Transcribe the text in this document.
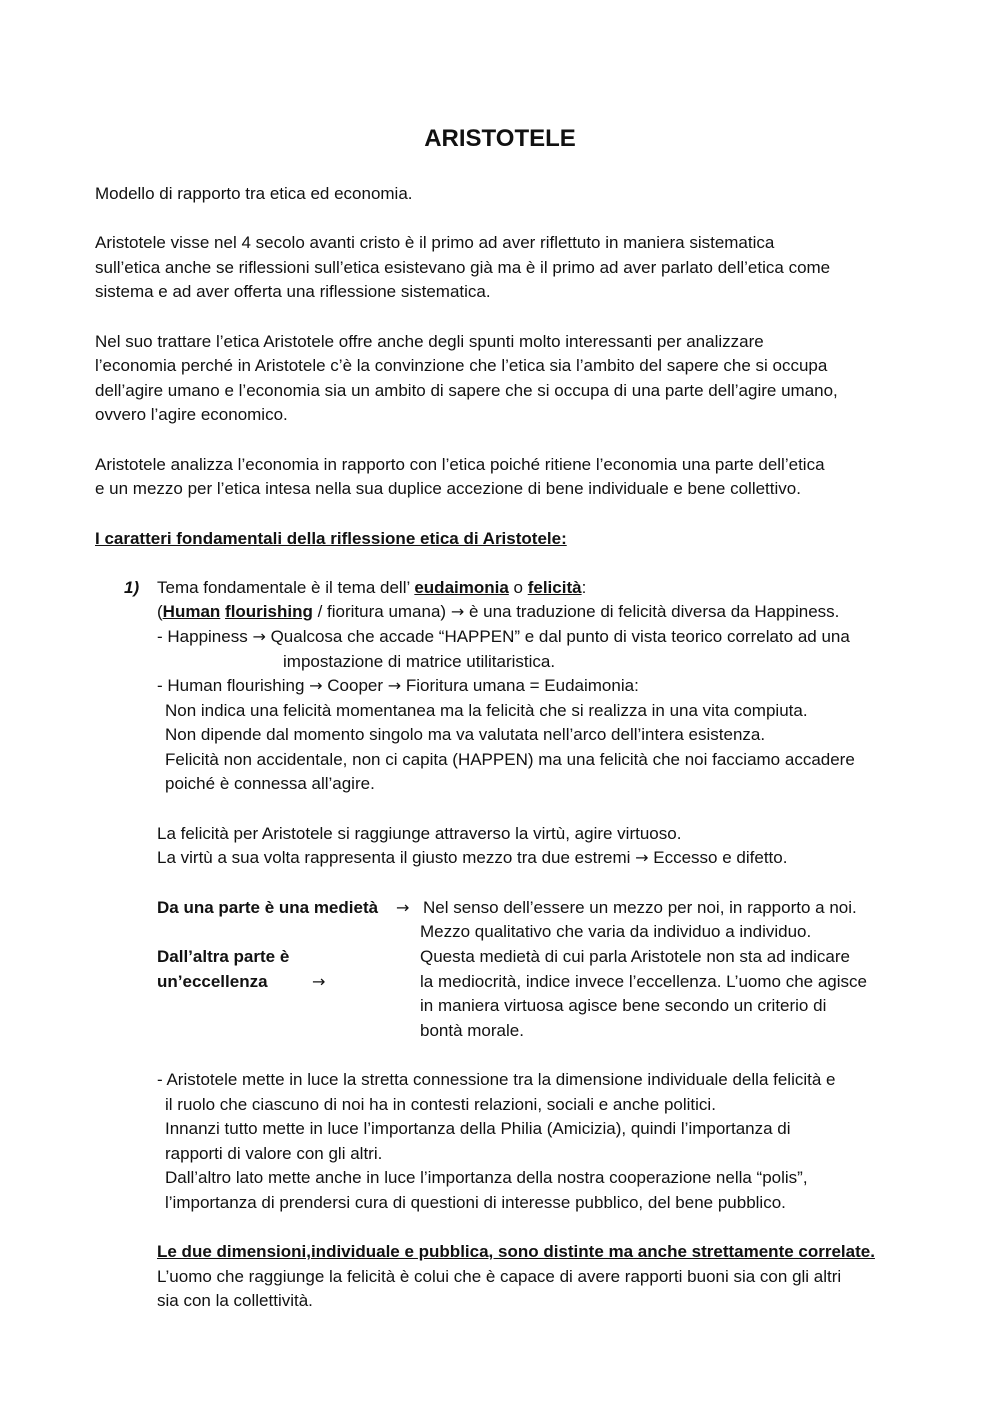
ARISTOTELE
Modello di rapporto tra etica ed economia.
Aristotele visse nel 4 secolo avanti cristo è il primo ad aver riflettuto in maniera sistematica
sull’etica anche se riflessioni sull’etica esistevano già ma è il primo ad aver parlato dell’etica come
sistema e ad aver offerta una riflessione sistematica.
Nel suo trattare l’etica Aristotele offre anche degli spunti molto interessanti per analizzare
l’economia perché in Aristotele c’è la convinzione che l’etica sia l’ambito del sapere che si occupa
dell’agire umano e l’economia sia un ambito di sapere che si occupa di una parte dell’agire umano,
ovvero l’agire economico.
Aristotele analizza l’economia in rapporto con l’etica poiché ritiene l’economia una parte dell’etica
e un mezzo per l’etica intesa nella sua duplice accezione di bene individuale e bene collettivo.
I caratteri fondamentali della riflessione etica di Aristotele:
1) Tema fondamentale è il tema dell’ eudaimonia o felicità:
(Human flourishing / fioritura umana) → è una traduzione di felicità diversa da Happiness.
- Happiness → Qualcosa che accade “HAPPEN” e dal punto di vista teorico correlato ad una
impostazione di matrice utilitaristica.
- Human flourishing → Cooper → Fioritura umana = Eudaimonia:
Non indica una felicità momentanea ma la felicità che si realizza in una vita compiuta.
Non dipende dal momento singolo ma va valutata nell’arco dell’intera esistenza.
Felicità non accidentale, non ci capita (HAPPEN) ma una felicità che noi facciamo accadere
poiché è connessa all’agire.
La felicità per Aristotele si raggiunge attraverso la virtù, agire virtuoso.
La virtù a sua volta rappresenta il giusto mezzo tra due estremi → Eccesso e difetto.
Da una parte è una medietà → Nel senso dell’essere un mezzo per noi, in rapporto a noi.
Mezzo qualitativo che varia da individuo a individuo.
Dall’altra parte è
un’eccellenza	→
Questa medietà di cui parla Aristotele non sta ad indicare
la mediocrità, indice invece l’eccellenza. L’uomo che agisce
in maniera virtuosa agisce bene secondo un criterio di
bontà morale.
- Aristotele mette in luce la stretta connessione tra la dimensione individuale della felicità e
il ruolo che ciascuno di noi ha in contesti relazioni, sociali e anche politici.
Innanzi tutto mette in luce l’importanza della Philia (Amicizia), quindi l’importanza di
rapporti di valore con gli altri.
Dall’altro lato mette anche in luce l’importanza della nostra cooperazione nella “polis”,
l’importanza di prendersi cura di questioni di interesse pubblico, del bene pubblico.
Le due dimensioni,individuale e pubblica, sono distinte ma anche strettamente correlate.
L’uomo che raggiunge la felicità è colui che è capace di avere rapporti buoni sia con gli altri
sia con la collettività.
